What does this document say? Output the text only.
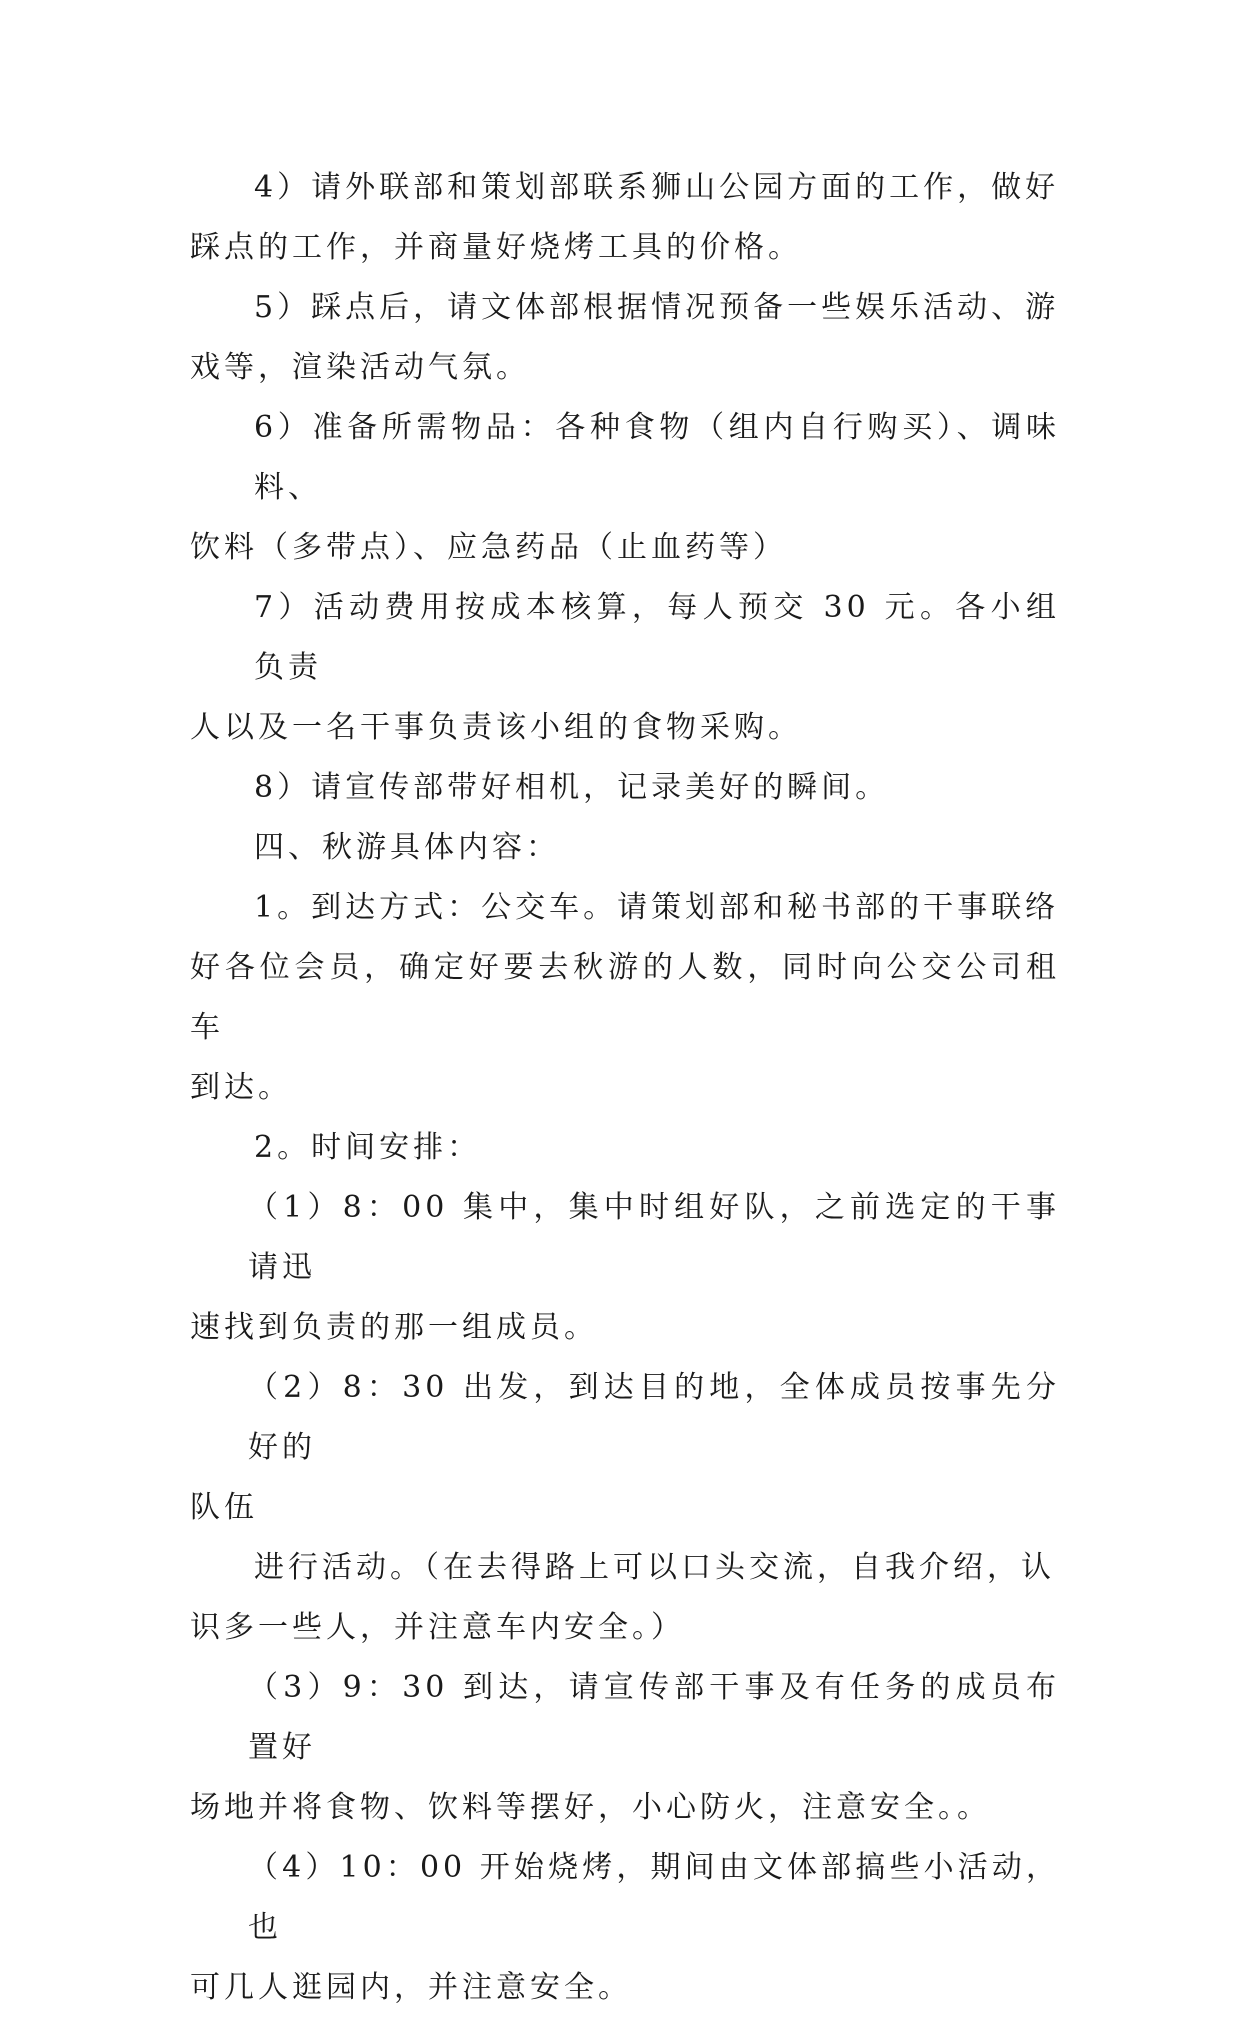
4）请外联部和策划部联系狮山公园方面的工作，做好
踩点的工作，并商量好烧烤工具的价格。
5）踩点后，请文体部根据情况预备一些娱乐活动、游
戏等，渲染活动气氛。
6）准备所需物品：各种食物（组内自行购买）、调味料、
饮料（多带点）、应急药品（止血药等）
7）活动费用按成本核算，每人预交 30 元。各小组负责
人以及一名干事负责该小组的食物采购。
8）请宣传部带好相机，记录美好的瞬间。
四、秋游具体内容：
1。到达方式：公交车。请策划部和秘书部的干事联络
好各位会员，确定好要去秋游的人数，同时向公交公司租车
到达。
2。时间安排：
（1）8：00 集中，集中时组好队，之前选定的干事请迅
速找到负责的那一组成员。
（2）8：30 出发，到达目的地，全体成员按事先分好的
队伍
进行活动。（在去得路上可以口头交流，自我介绍，认
识多一些人，并注意车内安全。）
（3）9：30 到达，请宣传部干事及有任务的成员布置好
场地并将食物、饮料等摆好，小心防火，注意安全。。
（4）10：00 开始烧烤，期间由文体部搞些小活动，也
可几人逛园内，并注意安全。
